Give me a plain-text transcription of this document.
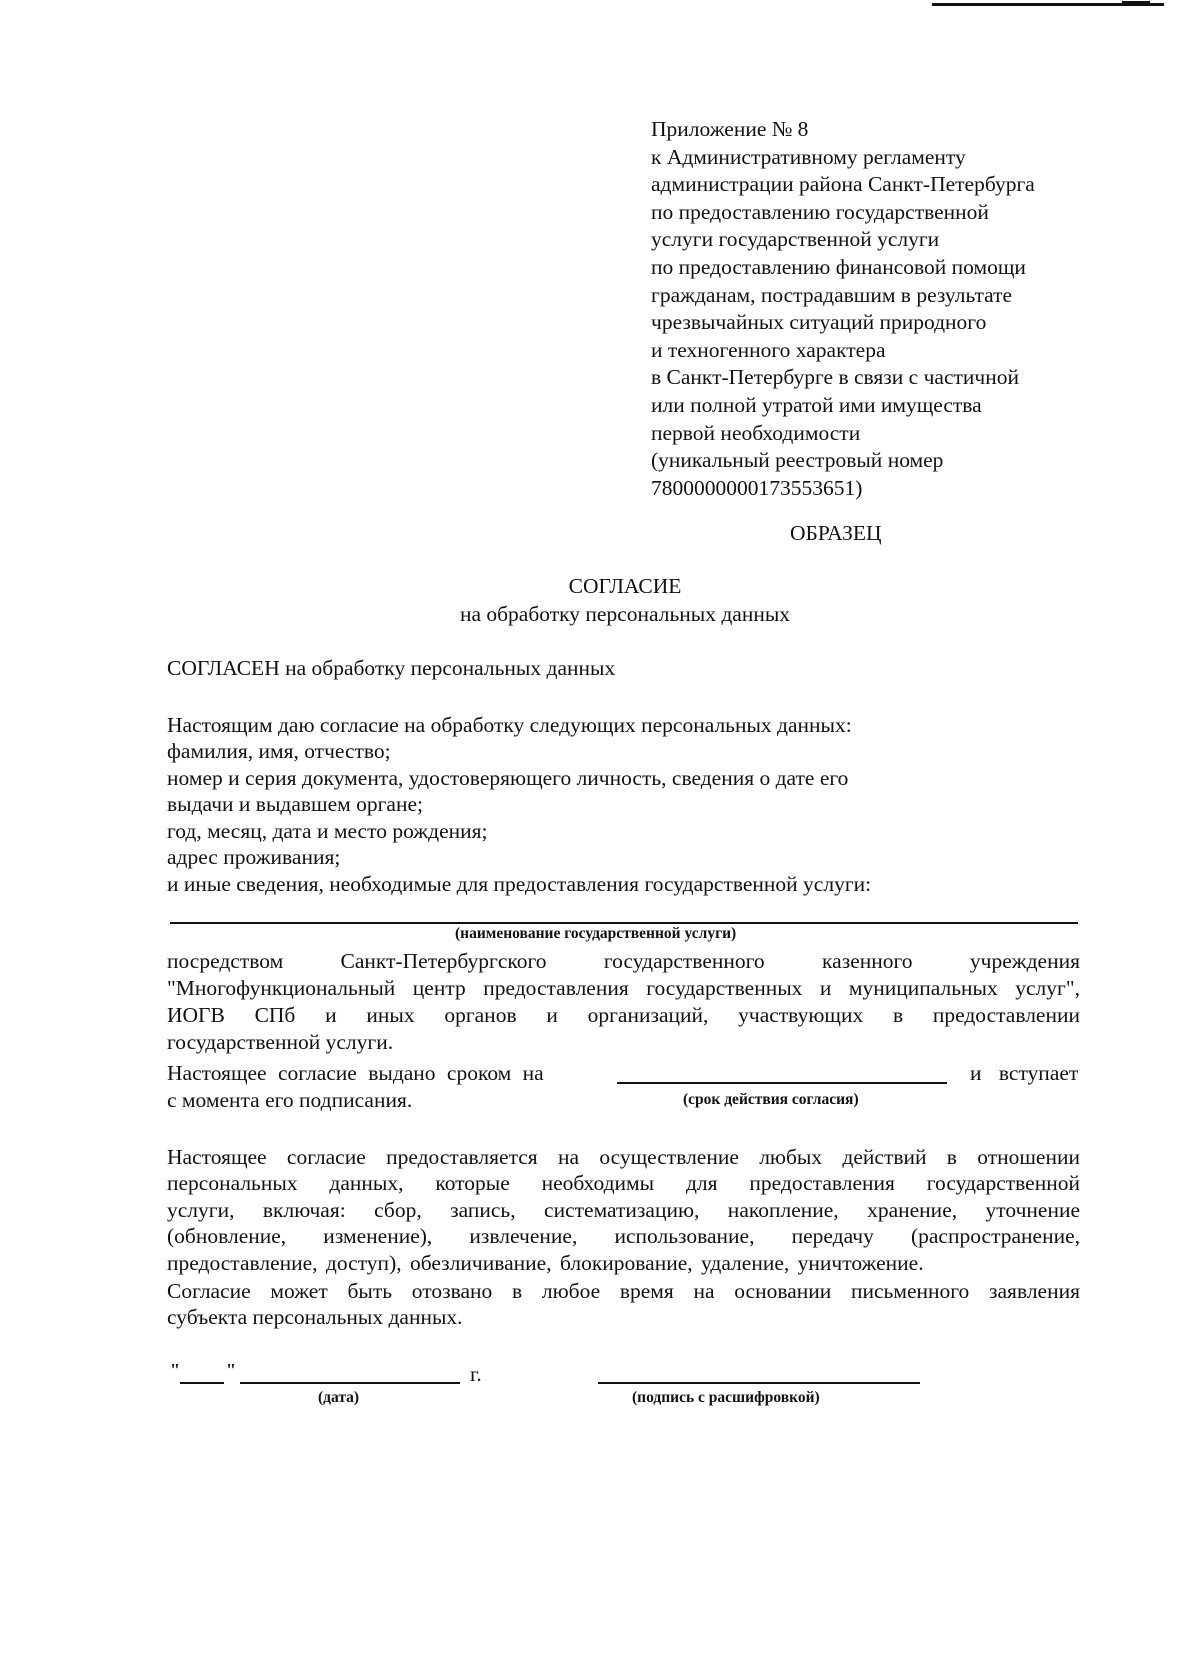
Приложение № 8
к Административному регламенту
администрации района Санкт-Петербурга
по предоставлению государственной
услуги государственной услуги
по предоставлению финансовой помощи
гражданам, пострадавшим в результате
чрезвычайных ситуаций природного
и техногенного характера
в Санкт-Петербурге в связи с частичной
или полной утратой ими имущества
первой необходимости
(уникальный реестровый номер
7800000000173553651)
ОБРАЗЕЦ
СОГЛАСИЕ
на обработку персональных данных
СОГЛАСЕН на обработку персональных данных
Настоящим даю согласие на обработку следующих персональных данных:
фамилия, имя, отчество;
номер и серия документа, удостоверяющего личность, сведения о дате его
выдачи и выдавшем органе;
год, месяц, дата и место рождения;
адрес проживания;
и иные сведения, необходимые для предоставления государственной услуги:
(наименование государственной услуги)
посредством Санкт-Петербургского государственного казенного учреждения
"Многофункциональный центр предоставления государственных и муниципальных услуг",
ИОГВ СПб и иных органов и организаций, участвующих в предоставлении
государственной услуги.
Настоящее согласие выдано сроком на	и вступает
с момента его подписания.	(срок действия согласия)
Настоящее согласие предоставляется на осуществление любых действий в отношении
персональных данных, которые необходимы для предоставления государственной
услуги, включая: сбор, запись, систематизацию, накопление, хранение, уточнение
(обновление, изменение), извлечение, использование, передачу (распространение,
предоставление, доступ), обезличивание, блокирование, удаление, уничтожение.
Согласие может быть отозвано в любое время на основании письменного заявления
субъекта персональных данных.
"	"	г.
(дата)	(подпись с расшифровкой)
